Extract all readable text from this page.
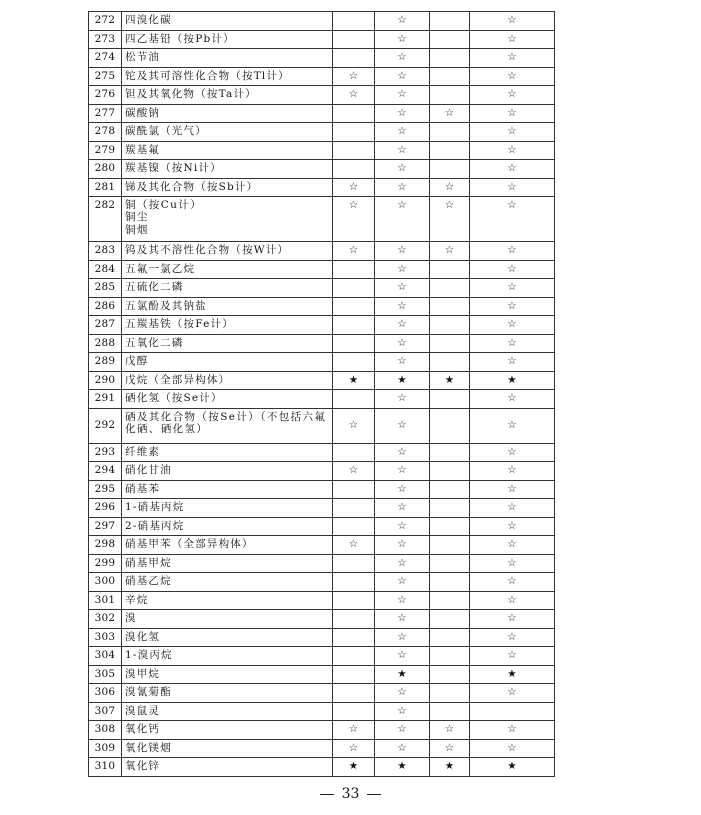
272	四溴化碳		☆		☆
273	四乙基铅（按Pb计）		☆		☆
274	松节油		☆		☆
275	铊及其可溶性化合物（按Tl计）	☆	☆		☆
276	钽及其氧化物（按Ta计）	☆	☆		☆
277	碳酸钠		☆	☆	☆
278	碳酰氯（光气）		☆		☆
279	羰基氟		☆		☆
280	羰基镍（按Ni计）		☆		☆
281	锑及其化合物（按Sb计）	☆	☆	☆	☆
282	铜（按Cu计）
铜尘
铜烟	☆	☆	☆	☆
283	钨及其不溶性化合物（按W计）	☆	☆	☆	☆
284	五氟一氯乙烷		☆		☆
285	五硫化二磷		☆		☆
286	五氯酚及其钠盐		☆		☆
287	五羰基铁（按Fe计）		☆		☆
288	五氧化二磷		☆		☆
289	戊醇		☆		☆
290	戊烷（全部异构体）	★	★	★	★
291	硒化氢（按Se计）		☆		☆
292	硒及其化合物（按Se计）（不包括六氟化硒、硒化氢）	☆	☆		☆
293	纤维素		☆		☆
294	硝化甘油	☆	☆		☆
295	硝基苯		☆		☆
296	1-硝基丙烷		☆		☆
297	2-硝基丙烷		☆		☆
298	硝基甲苯（全部异构体）	☆	☆		☆
299	硝基甲烷		☆		☆
300	硝基乙烷		☆		☆
301	辛烷		☆		☆
302	溴		☆		☆
303	溴化氢		☆		☆
304	1-溴丙烷		☆		☆
305	溴甲烷		★		★
306	溴氰菊酯		☆		☆
307	溴鼠灵		☆		
308	氧化钙	☆	☆	☆	☆
309	氧化镁烟	☆	☆	☆	☆
310	氧化锌	★	★	★	★
33
